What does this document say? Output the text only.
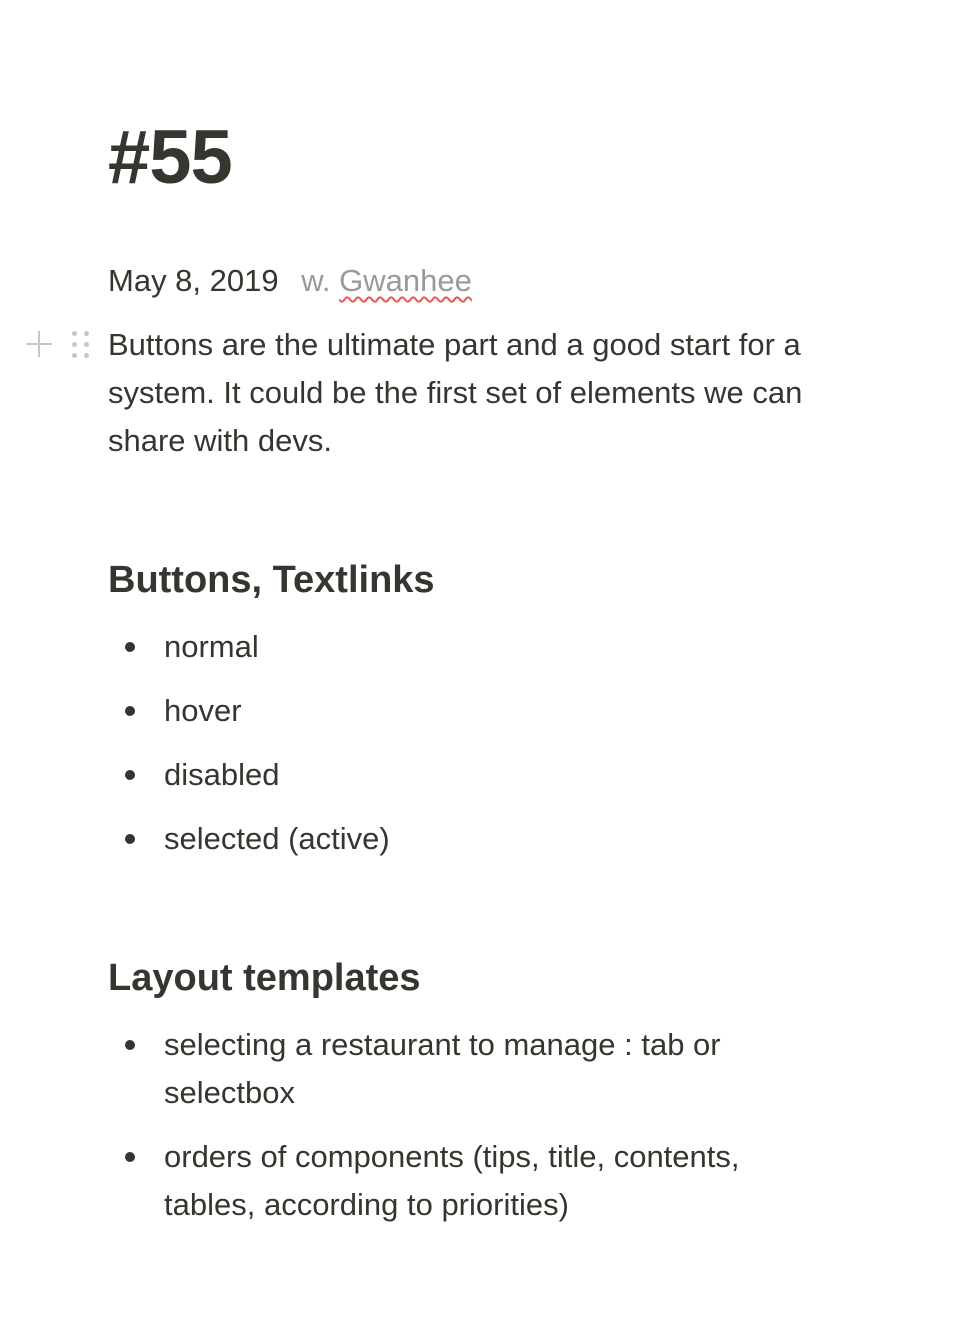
#55
May 8, 2019 w. Gwanhee

Buttons are the ultimate part and a good start for a system. It could be the first set of elements we can share with devs.

Buttons, Textlinks
normal
hover
disabled
selected (active)
Layout templates
selecting a restaurant to manage : tab or selectbox
orders of components (tips, title, contents, tables, according to priorities)
